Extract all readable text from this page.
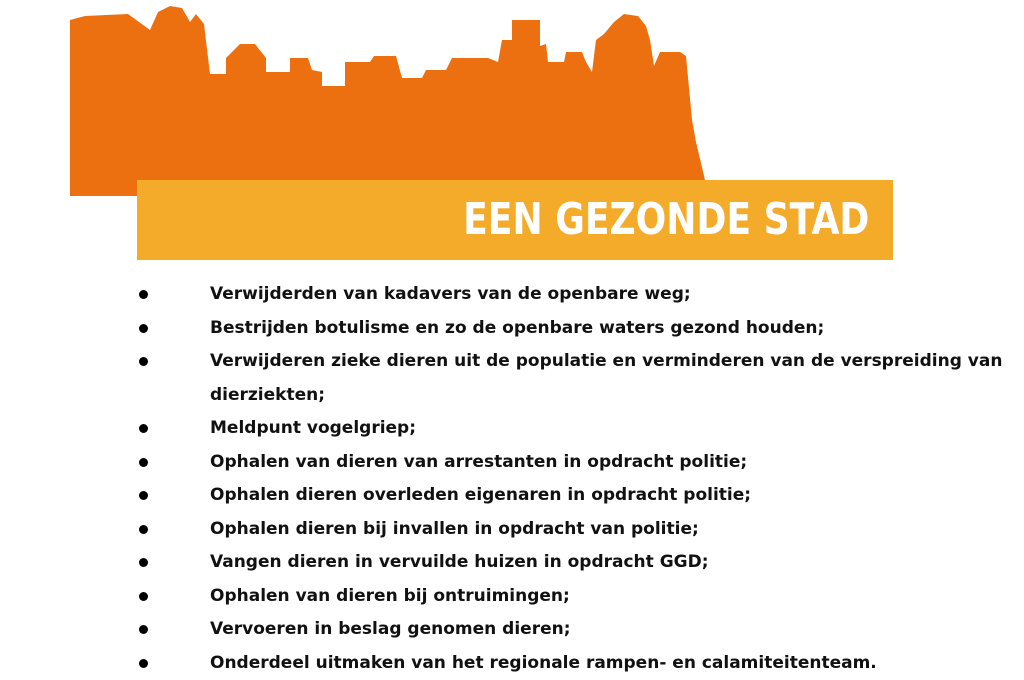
EEN GEZONDE STAD
Verwijderden van kadavers van de openbare weg;
Bestrijden botulisme en zo de openbare waters gezond houden;
Verwijderen zieke dieren uit de populatie en verminderen van de verspreiding van dierziekten;
Meldpunt vogelgriep;
Ophalen van dieren van arrestanten in opdracht politie;
Ophalen dieren overleden eigenaren in opdracht politie;
Ophalen dieren bij invallen in opdracht van politie;
Vangen dieren in vervuilde huizen in opdracht GGD;
Ophalen van dieren bij ontruimingen;
Vervoeren in beslag genomen dieren;
Onderdeel uitmaken van het regionale rampen- en calamiteitenteam.
